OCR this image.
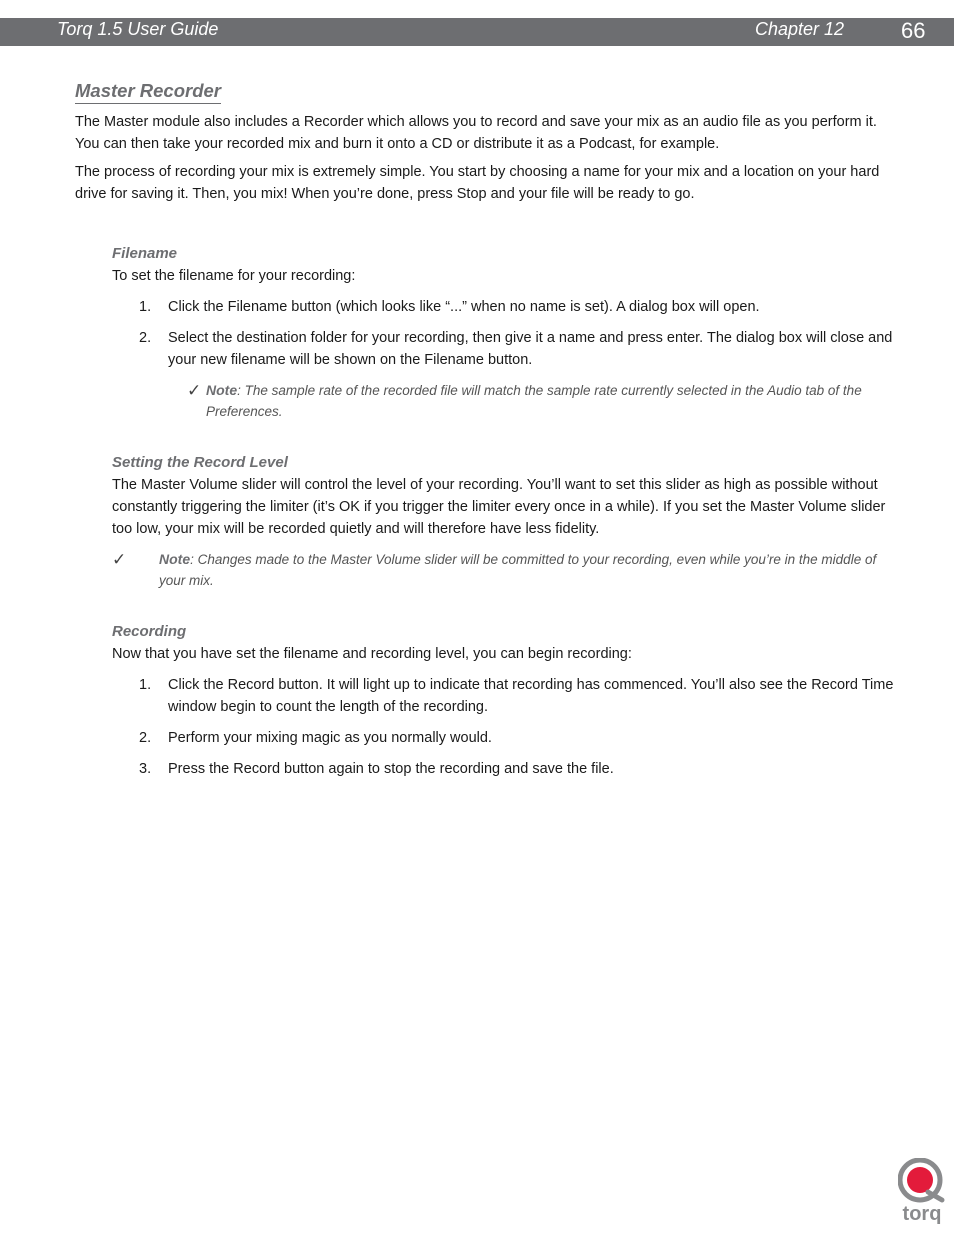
Torq 1.5 User Guide	Chapter 12	66
Master Recorder

The Master module also includes a Recorder which allows you to record and save your mix as an audio file as you perform it. You can then take your recorded mix and burn it onto a CD or distribute it as a Podcast, for example.

The process of recording your mix is extremely simple. You start by choosing a name for your mix and a location on your hard drive for saving it. Then, you mix! When you’re done, press Stop and your file will be ready to go.

Filename

To set the filename for your recording:

1. Click the Filename button (which looks like “...” when no name is set). A dialog box will open.
2. Select the destination folder for your recording, then give it a name and press enter. The dialog box will close and your new filename will be shown on the Filename button.
✓ Note: The sample rate of the recorded file will match the sample rate currently selected in the Audio tab of the Preferences.
Setting the Record Level

The Master Volume slider will control the level of your recording. You’ll want to set this slider as high as possible without constantly triggering the limiter (it’s OK if you trigger the limiter every once in a while). If you set the Master Volume slider too low, your mix will be recorded quietly and will therefore have less fidelity.

✓ Note: Changes made to the Master Volume slider will be committed to your recording, even while you’re in the middle of your mix.
Recording

Now that you have set the filename and recording level, you can begin recording:

1. Click the Record button. It will light up to indicate that recording has commenced. You’ll also see the Record Time window begin to count the length of the recording.
2. Perform your mixing magic as you normally would.
3. Press the Record button again to stop the recording and save the file.
torq
